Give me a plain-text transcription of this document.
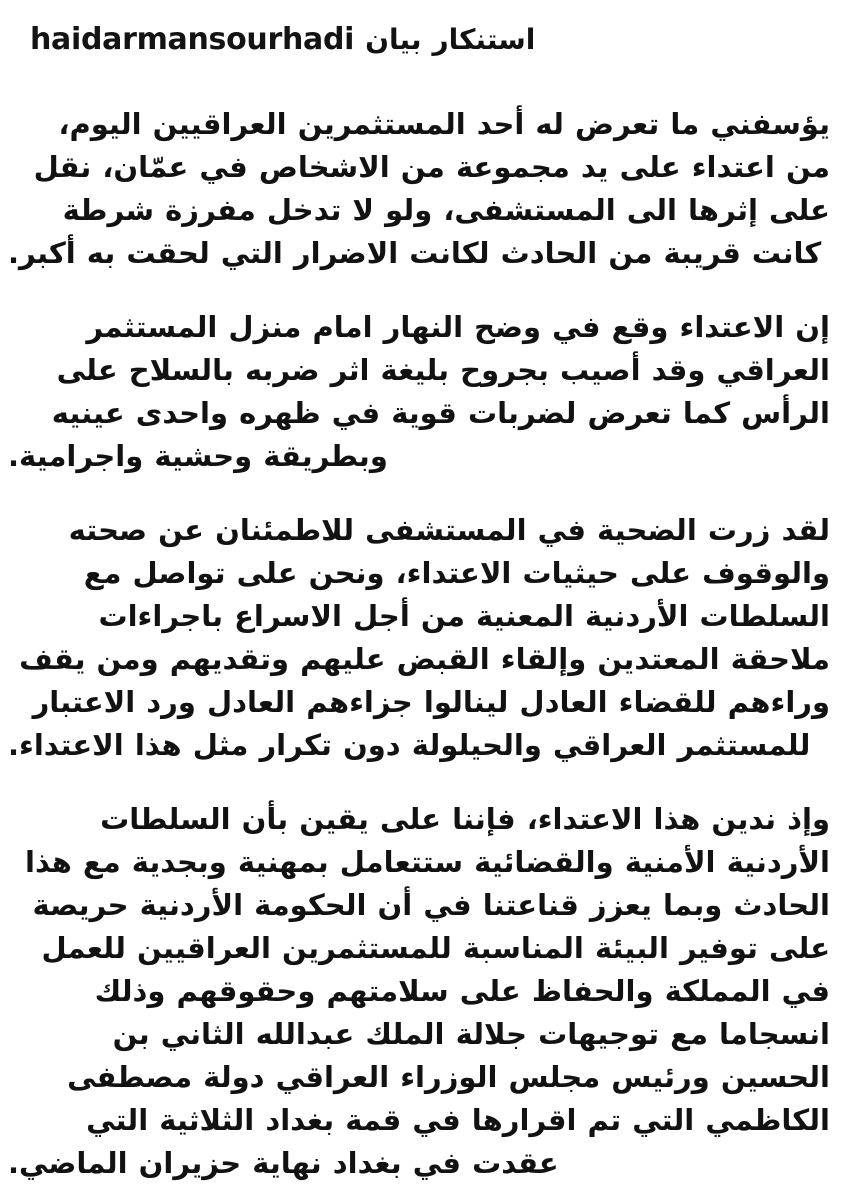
haidarmansourhadi بيان استنكار

يؤسفني ما تعرض له أحد المستثمرين العراقيين اليوم، من اعتداء على يد مجموعة من الاشخاص في عمّان، نقل على إثرها الى المستشفى، ولو لا تدخل مفرزة شرطة كانت قريبة من الحادث لكانت الاضرار التي لحقت به أكبر.

إن الاعتداء وقع في وضح النهار امام منزل المستثمر العراقي وقد أصيب بجروح بليغة اثر ضربه بالسلاح على الرأس كما تعرض لضربات قوية في ظهره واحدى عينيه وبطريقة وحشية واجرامية.

لقد زرت الضحية في المستشفى للاطمئنان عن صحته والوقوف على حيثيات الاعتداء، ونحن على تواصل مع السلطات الأردنية المعنية من أجل الاسراع باجراءات ملاحقة المعتدين وإلقاء القبض عليهم وتقديهم ومن يقف وراءهم للقضاء العادل لينالوا جزاءهم العادل ورد الاعتبار للمستثمر العراقي والحيلولة دون تكرار مثل هذا الاعتداء.

وإذ ندين هذا الاعتداء، فإننا على يقين بأن السلطات الأردنية الأمنية والقضائية ستتعامل بمهنية وبجدية مع هذا الحادث وبما يعزز قناعتنا في أن الحكومة الأردنية حريصة على توفير البيئة المناسبة للمستثمرين العراقيين للعمل في المملكة والحفاظ على سلامتهم وحقوقهم وذلك انسجاما مع توجيهات جلالة الملك عبدالله الثاني بن الحسين ورئيس مجلس الوزراء العراقي دولة مصطفى الكاظمي التي تم اقرارها في قمة بغداد الثلاثية التي عقدت في بغداد نهاية حزيران الماضي.
